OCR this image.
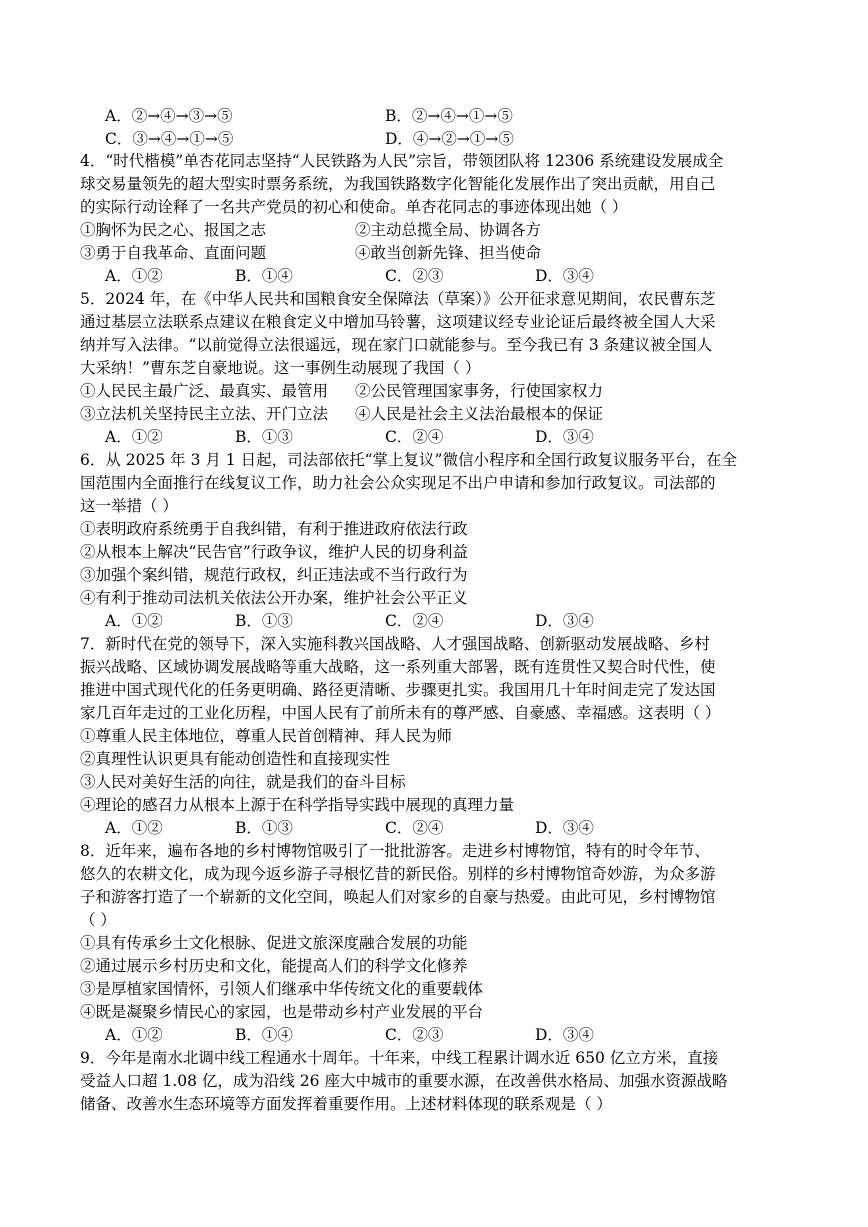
A．②→④→③→⑤	B．②→④→①→⑤
C．③→④→①→⑤	D．④→②→①→⑤
4．“时代楷模”单杏花同志坚持“人民铁路为人民”宗旨，带领团队将 12306 系统建设发展成全
球交易量领先的超大型实时票务系统，为我国铁路数字化智能化发展作出了突出贡献，用自己
的实际行动诠释了一名共产党员的初心和使命。单杏花同志的事迹体现出她（ ）
①胸怀为民之心、报国之志	②主动总揽全局、协调各方
③勇于自我革命、直面问题	④敢当创新先锋、担当使命
A．①②	B．①④	C．②③	D．③④
5．2024 年，在《中华人民共和国粮食安全保障法（草案）》公开征求意见期间，农民曹东芝
通过基层立法联系点建议在粮食定义中增加马铃薯，这项建议经专业论证后最终被全国人大采
纳并写入法律。“以前觉得立法很遥远，现在家门口就能参与。至今我已有 3 条建议被全国人
大采纳！”曹东芝自豪地说。这一事例生动展现了我国（ ）
①人民民主最广泛、最真实、最管用 ②公民管理国家事务，行使国家权力
③立法机关坚持民主立法、开门立法 ④人民是社会主义法治最根本的保证
A．①②	B．①③	C．②④	D．③④
6．从 2025 年 3 月 1 日起，司法部依托“掌上复议”微信小程序和全国行政复议服务平台，在全
国范围内全面推行在线复议工作，助力社会公众实现足不出户申请和参加行政复议。司法部的
这一举措（ ）
①表明政府系统勇于自我纠错，有利于推进政府依法行政
②从根本上解决“民告官”行政争议，维护人民的切身利益
③加强个案纠错，规范行政权，纠正违法或不当行政行为
④有利于推动司法机关依法公开办案，维护社会公平正义
A．①②	B．①③	C．②④	D．③④
7．新时代在党的领导下，深入实施科教兴国战略、人才强国战略、创新驱动发展战略、乡村
振兴战略、区域协调发展战略等重大战略，这一系列重大部署，既有连贯性又契合时代性，使
推进中国式现代化的任务更明确、路径更清晰、步骤更扎实。我国用几十年时间走完了发达国
家几百年走过的工业化历程，中国人民有了前所未有的尊严感、自豪感、幸福感。这表明（ ）
①尊重人民主体地位，尊重人民首创精神、拜人民为师
②真理性认识更具有能动创造性和直接现实性
③人民对美好生活的向往，就是我们的奋斗目标
④理论的感召力从根本上源于在科学指导实践中展现的真理力量
A．①②	B．①③	C．②④	D．③④
8．近年来，遍布各地的乡村博物馆吸引了一批批游客。走进乡村博物馆，特有的时令年节、
悠久的农耕文化，成为现今返乡游子寻根忆昔的新民俗。别样的乡村博物馆奇妙游，为众多游
子和游客打造了一个崭新的文化空间，唤起人们对家乡的自豪与热爱。由此可见，乡村博物馆
（ ）
①具有传承乡土文化根脉、促进文旅深度融合发展的功能
②通过展示乡村历史和文化，能提高人们的科学文化修养
③是厚植家国情怀，引领人们继承中华传统文化的重要载体
④既是凝聚乡情民心的家园，也是带动乡村产业发展的平台
A．①②	B．①④	C．②③	D．③④
9．今年是南水北调中线工程通水十周年。十年来，中线工程累计调水近 650 亿立方米，直接
受益人口超 1.08 亿，成为沿线 26 座大中城市的重要水源，在改善供水格局、加强水资源战略
储备、改善水生态环境等方面发挥着重要作用。上述材料体现的联系观是（ ）
